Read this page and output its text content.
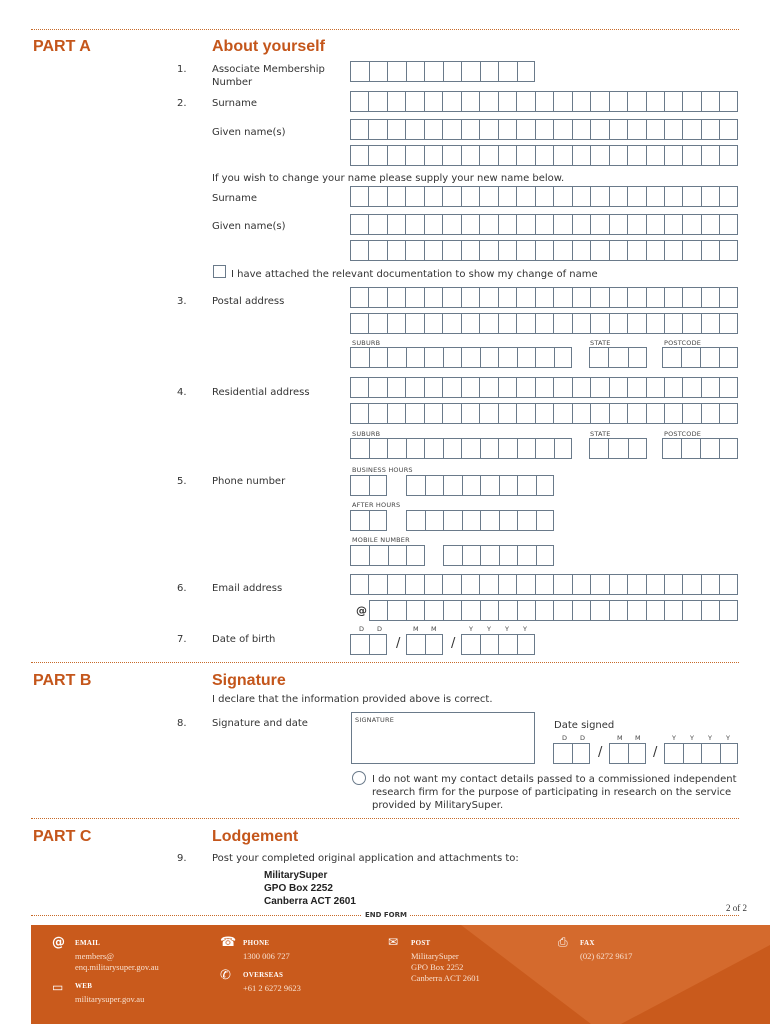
PART A	About yourself
1.	Associate Membership
Number
2.	Surname
Given name(s)
If you wish to change your name please supply your new name below.
Surname
Given name(s)
I have attached the relevant documentation to show my change of name
3.	Postal address
SUBURB	STATE	POSTCODE
4.	Residential address
SUBURB	STATE	POSTCODE
5.	Phone number
BUSINESS HOURS
AFTER HOURS
MOBILE NUMBER
6.	Email address
@
7.	Date of birth
D D	M M	Y Y Y Y
/	/
PART B	Signature
I declare that the information provided above is correct.
8.	Signature and date	SIGNATURE	Date signed
D D	M M	Y Y Y Y
/	/
I do not want my contact details passed to a commissioned independent
research firm for the purpose of participating in research on the service
provided by MilitarySuper.
PART C	Lodgement
9.	Post your completed original application and attachments to:
MilitarySuper
GPO Box 2252
Canberra ACT 2601
2 of 2
END FORM
@ EMAIL
members@
enq.militarysuper.gov.au
▭ WEB
militarysuper.gov.au
☎ PHONE
1300 006 727
✆ OVERSEAS
+61 2 6272 9623
✉ POST
MilitarySuper
GPO Box 2252
Canberra ACT 2601
⎙ FAX
(02) 6272 9617
